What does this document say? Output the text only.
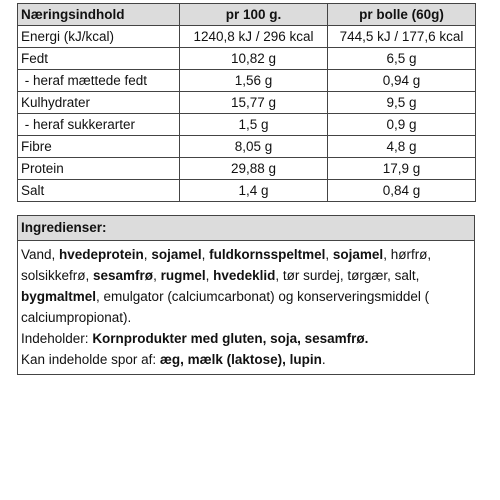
Næringsindhold	pr 100 g.	pr bolle (60g)
Energi (kJ/kcal)	1240,8 kJ / 296 kcal	744,5 kJ / 177,6 kcal
Fedt	10,82 g	6,5 g
- heraf mættede fedt	1,56 g	0,94 g
Kulhydrater	15,77 g	9,5 g
- heraf sukkerarter	1,5 g	0,9 g
Fibre	8,05 g	4,8 g
Protein	29,88 g	17,9 g
Salt	1,4 g	0,84 g
Ingredienser:

Vand, hvedeprotein, sojamel, fuldkornsspeltmel, sojamel, hørfrø, solsikkefrø, sesamfrø, rugmel, hvedeklid, tør surdej, tørgær, salt, bygmaltmel, emulgator (calciumcarbonat) og konserveringsmiddel ( calciumpropionat).

Indeholder: Kornprodukter med gluten, soja, sesamfrø.

Kan indeholde spor af: æg, mælk (laktose), lupin.
